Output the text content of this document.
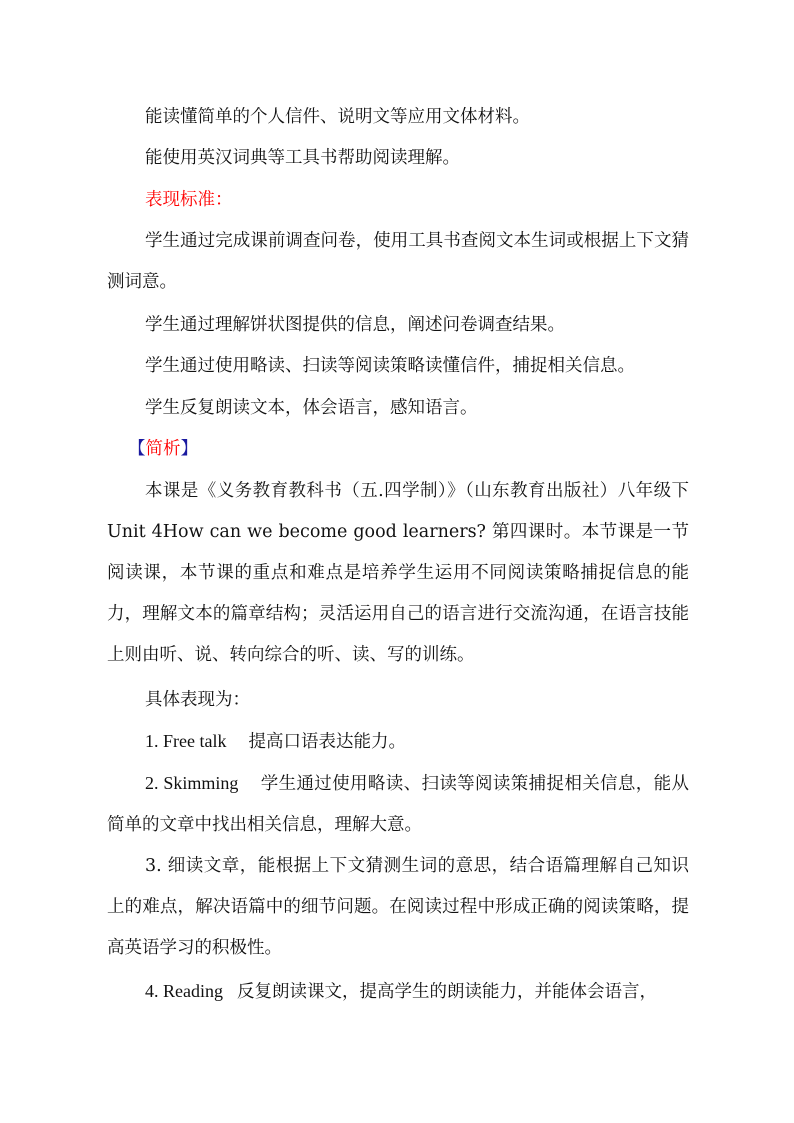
能读懂简单的个人信件、说明文等应用文体材料。
能使用英汉词典等工具书帮助阅读理解。
表现标准：
学生通过完成课前调查问卷，使用工具书查阅文本生词或根据上下文猜测词意。
学生通过理解饼状图提供的信息，阐述问卷调查结果。
学生通过使用略读、扫读等阅读策略读懂信件，捕捉相关信息。
学生反复朗读文本，体会语言，感知语言。
【简析】
本课是《义务教育教科书（五.四学制）》（山东教育出版社）八年级下 Unit 4How can we become good learners? 第四课时。本节课是一节阅读课，本节课的重点和难点是培养学生运用不同阅读策略捕捉信息的能力，理解文本的篇章结构；灵活运用自己的语言进行交流沟通，在语言技能上则由听、说、转向综合的听、读、写的训练。
具体表现为：
1. Free talk 提高口语表达能力。
2. Skimming 学生通过使用略读、扫读等阅读策捕捉相关信息，能从简单的文章中找出相关信息，理解大意。
3. 细读文章，能根据上下文猜测生词的意思，结合语篇理解自己知识上的难点，解决语篇中的细节问题。在阅读过程中形成正确的阅读策略，提高英语学习的积极性。
4. Reading 反复朗读课文，提高学生的朗读能力，并能体会语言，
